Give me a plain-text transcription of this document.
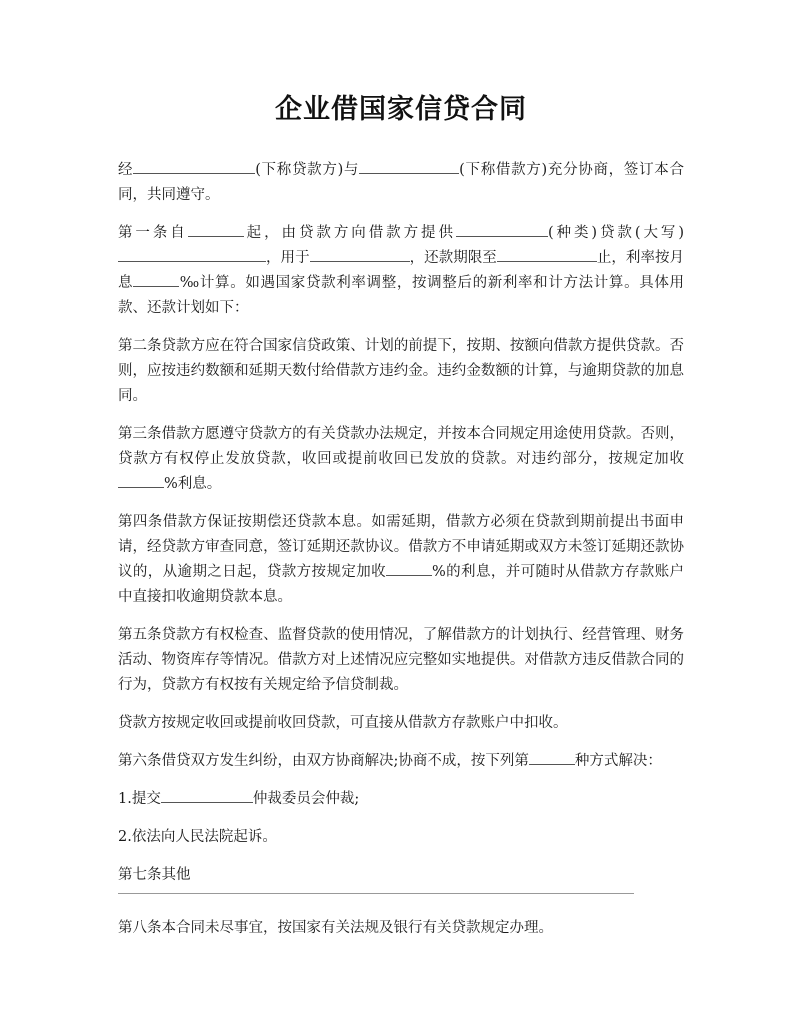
企业借国家信贷合同

经	(下称贷款方)与	(下称借款方)充分协商，签订本合同，共同遵守。

第一条自	起，由贷款方向借款方提供	(种类)贷款(大写)，用于	，还款期限至	止，利率按月息	‰计算。如遇国家贷款利率调整，按调整后的新利率和计方法计算。具体用款、还款计划如下：

第二条贷款方应在符合国家信贷政策、计划的前提下，按期、按额向借款方提供贷款。否则，应按违约数额和延期天数付给借款方违约金。违约金数额的计算，与逾期贷款的加息同。

第三条借款方愿遵守贷款方的有关贷款办法规定，并按本合同规定用途使用贷款。否则，贷款方有权停止发放贷款，收回或提前收回已发放的贷款。对违约部分，按规定加收%利息。

第四条借款方保证按期偿还贷款本息。如需延期，借款方必须在贷款到期前提出书面申请，经贷款方审查同意，签订延期还款协议。借款方不申请延期或双方未签订延期还款协议的，从逾期之日起，贷款方按规定加收	%的利息，并可随时从借款方存款账户中直接扣收逾期贷款本息。

第五条贷款方有权检查、监督贷款的使用情况，了解借款方的计划执行、经营管理、财务活动、物资库存等情况。借款方对上述情况应完整如实地提供。对借款方违反借款合同的行为，贷款方有权按有关规定给予信贷制裁。

贷款方按规定收回或提前收回贷款，可直接从借款方存款账户中扣收。

第六条借贷双方发生纠纷，由双方协商解决;协商不成，按下列第	种方式解决：

1.提交	仲裁委员会仲裁;

2.依法向人民法院起诉。

第七条其他

第八条本合同未尽事宜，按国家有关法规及银行有关贷款规定办理。
